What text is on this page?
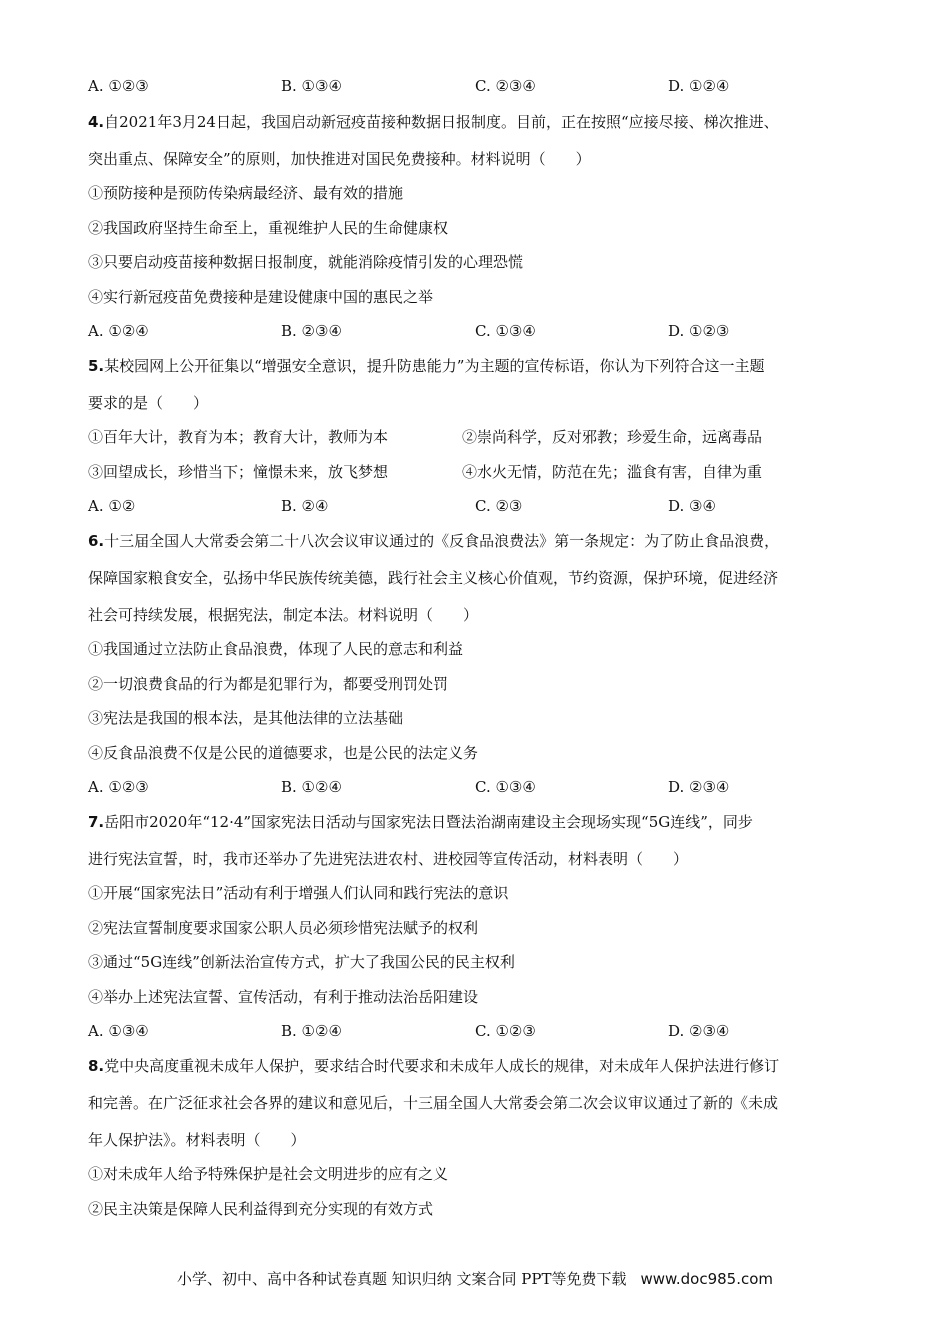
A. ①②③	B. ①③④	C. ②③④	D. ①②④
4.自2021年3月24日起，我国启动新冠疫苗接种数据日报制度。目前，正在按照“应接尽接、梯次推进、
突出重点、保障安全”的原则，加快推进对国民免费接种。材料说明（　　）
①预防接种是预防传染病最经济、最有效的措施
②我国政府坚持生命至上，重视维护人民的生命健康权
③只要启动疫苗接种数据日报制度，就能消除疫情引发的心理恐慌
④实行新冠疫苗免费接种是建设健康中国的惠民之举
A. ①②④	B. ②③④	C. ①③④	D. ①②③
5.某校园网上公开征集以“增强安全意识，提升防患能力”为主题的宣传标语，你认为下列符合这一主题
要求的是（　　）
①百年大计，教育为本；教育大计，教师为本	②崇尚科学，反对邪教；珍爱生命，远离毒品
③回望成长，珍惜当下；憧憬未来，放飞梦想	④水火无情，防范在先；滥食有害，自律为重
A. ①②	B. ②④	C. ②③	D. ③④
6.十三届全国人大常委会第二十八次会议审议通过的《反食品浪费法》第一条规定：为了防止食品浪费，
保障国家粮食安全，弘扬中华民族传统美德，践行社会主义核心价值观，节约资源，保护环境，促进经济
社会可持续发展，根据宪法，制定本法。材料说明（　　）
①我国通过立法防止食品浪费，体现了人民的意志和利益
②一切浪费食品的行为都是犯罪行为，都要受刑罚处罚
③宪法是我国的根本法，是其他法律的立法基础
④反食品浪费不仅是公民的道德要求，也是公民的法定义务
A. ①②③	B. ①②④	C. ①③④	D. ②③④
7.岳阳市2020年“12·4”国家宪法日活动与国家宪法日暨法治湖南建设主会现场实现“5G连线”，同步
进行宪法宣誓，时，我市还举办了先进宪法进农村、进校园等宣传活动，材料表明（　　）
①开展“国家宪法日”活动有利于增强人们认同和践行宪法的意识
②宪法宣誓制度要求国家公职人员必须珍惜宪法赋予的权利
③通过“5G连线”创新法治宣传方式，扩大了我国公民的民主权利
④举办上述宪法宣誓、宣传活动，有利于推动法治岳阳建设
A. ①③④	B. ①②④	C. ①②③	D. ②③④
8.党中央高度重视未成年人保护，要求结合时代要求和未成年人成长的规律，对未成年人保护法进行修订
和完善。在广泛征求社会各界的建议和意见后，十三届全国人大常委会第二次会议审议通过了新的《未成
年人保护法》。材料表明（　　）
①对未成年人给予特殊保护是社会文明进步的应有之义
②民主决策是保障人民利益得到充分实现的有效方式
小学、初中、高中各种试卷真题 知识归纳 文案合同 PPT等免费下载 www.doc985.com
